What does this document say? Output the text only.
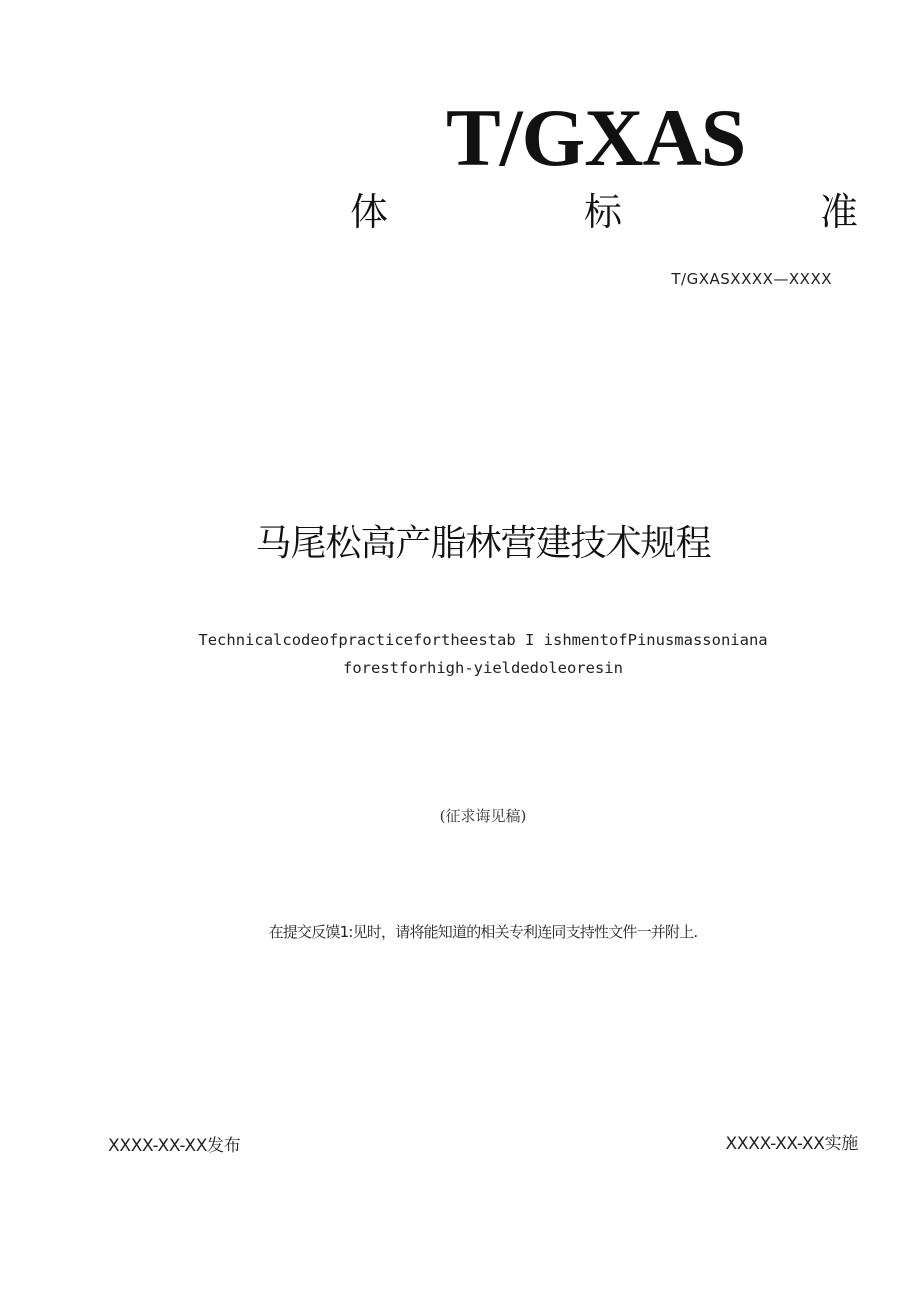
T/GXAS
体	标	准
T/GXASXXXX—XXXX
马尾松高产脂林营建技术规程
Technicalcodeofpracticefortheestab I ishmentofPinusmassoniana
forestforhigh-yieldedoleoresin
(征求诲见稿)
在提交反馍1:见时，请将能知道的相关专利连同支持性文件一并附上.
XXXX-XX-XX发布	XXXX-XX-XX实施
